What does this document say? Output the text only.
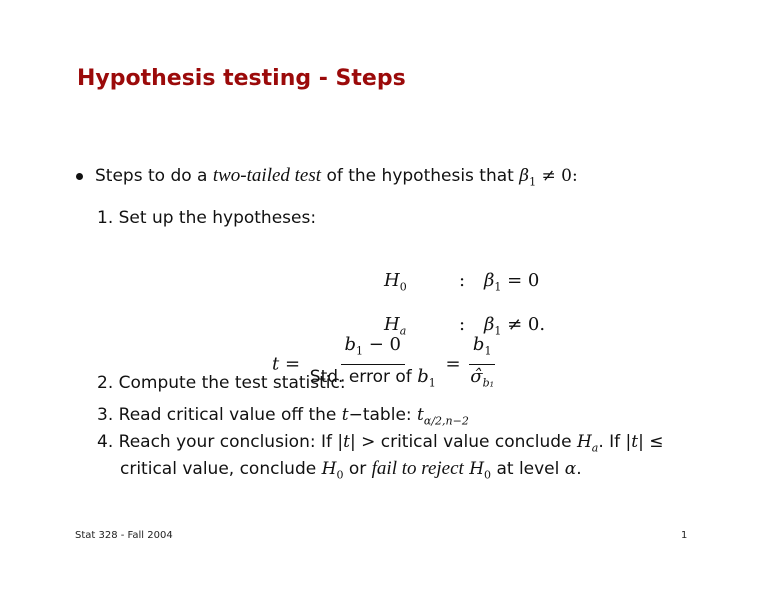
Hypothesis testing - Steps
Steps to do a two-tailed test of the hypothesis that $\beta_1 \ne 0$:
1. Set up the hypotheses:
$H_0$	: $\beta_1 = 0$
$H_a$	: $\beta_1 \ne 0$.
2. Compute the test statistic:
$t = \frac{b_1 - 0}{Std. error of b_1} = \frac{b_1}{\sigmâ_{b_1}}$
3. Read critical value off the t−table: $t_{\alpha/2,n-2}$
4. Reach your conclusion: If |t| > critical value conclude $H_a$. If |t| ≤
critical value, conclude $H_0$ or fail to reject $H_0$ at level α.
Stat 328 - Fall 2004	1
